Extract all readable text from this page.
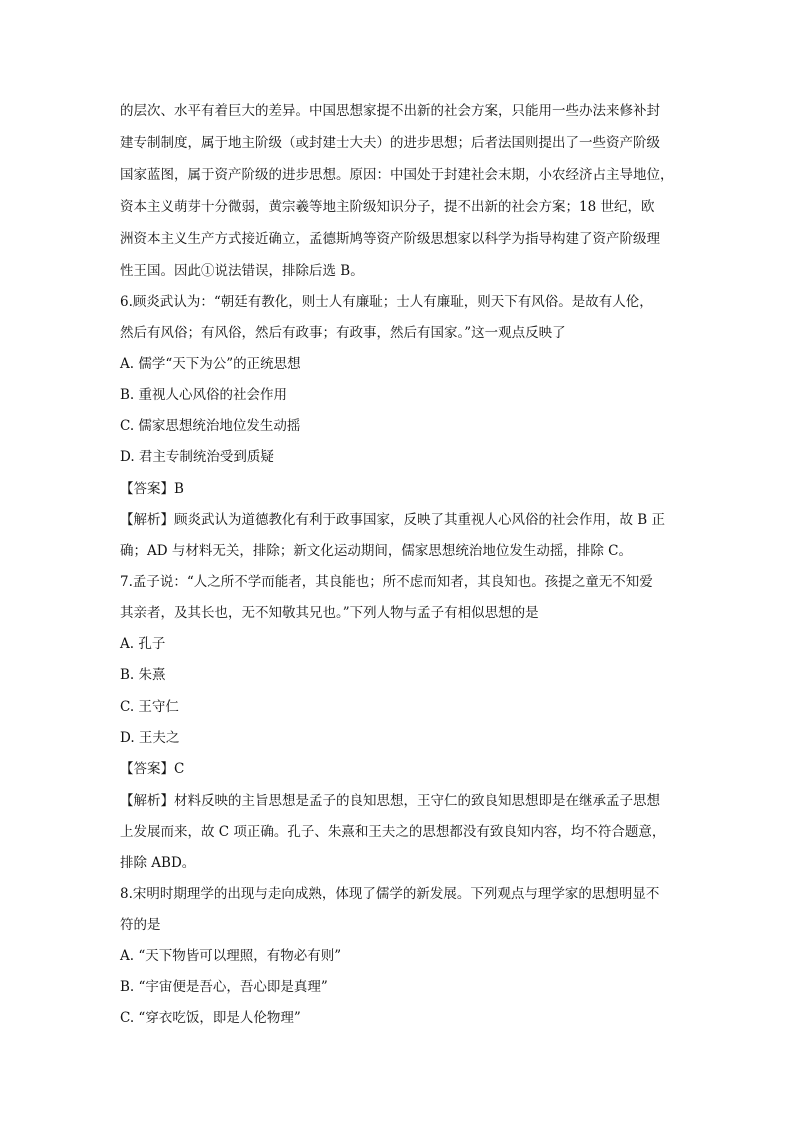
的层次、水平有着巨大的差异。中国思想家提不出新的社会方案，只能用一些办法来修补封
建专制制度，属于地主阶级（或封建士大夫）的进步思想；后者法国则提出了一些资产阶级
国家蓝图，属于资产阶级的进步思想。原因：中国处于封建社会末期，小农经济占主导地位，
资本主义萌芽十分微弱，黄宗羲等地主阶级知识分子，提不出新的社会方案；18 世纪，欧
洲资本主义生产方式接近确立，孟德斯鸠等资产阶级思想家以科学为指导构建了资产阶级理
性王国。因此①说法错误，排除后选 B。
6.顾炎武认为：“朝廷有教化，则士人有廉耻；士人有廉耻，则天下有风俗。是故有人伦，
然后有风俗；有风俗，然后有政事；有政事，然后有国家。”这一观点反映了
A. 儒学“天下为公”的正统思想
B. 重视人心风俗的社会作用
C. 儒家思想统治地位发生动摇
D. 君主专制统治受到质疑
【答案】B
【解析】顾炎武认为道德教化有利于政事国家，反映了其重视人心风俗的社会作用，故 B 正
确；AD 与材料无关，排除；新文化运动期间，儒家思想统治地位发生动摇，排除 C。
7.孟子说：“人之所不学而能者，其良能也；所不虑而知者，其良知也。孩提之童无不知爱
其亲者，及其长也，无不知敬其兄也。”下列人物与孟子有相似思想的是
A. 孔子
B. 朱熹
C. 王守仁
D. 王夫之
【答案】C
【解析】材料反映的主旨思想是孟子的良知思想，王守仁的致良知思想即是在继承孟子思想
上发展而来，故 C 项正确。孔子、朱熹和王夫之的思想都没有致良知内容，均不符合题意，
排除 ABD。
8.宋明时期理学的出现与走向成熟，体现了儒学的新发展。下列观点与理学家的思想明显不
符的是
A. “天下物皆可以理照，有物必有则”
B. “宇宙便是吾心，吾心即是真理”
C. “穿衣吃饭，即是人伦物理”
